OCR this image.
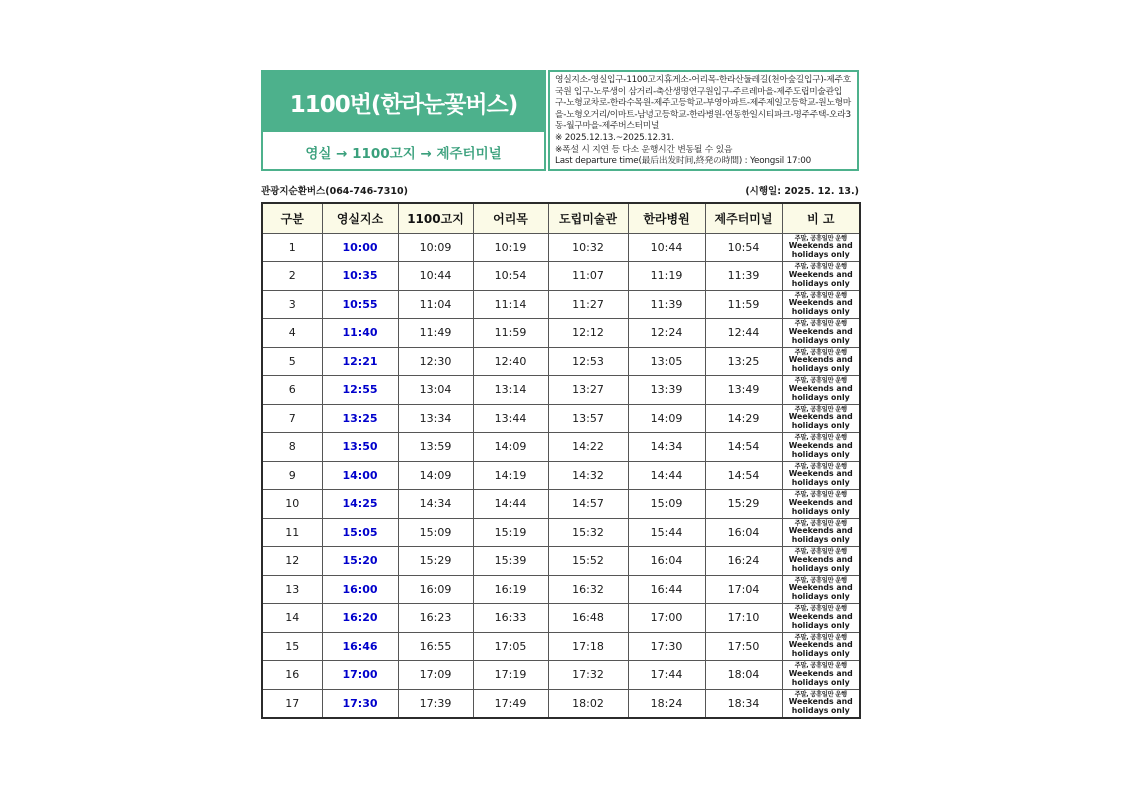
1100번(한라눈꽃버스)
영실 → 1100고지 → 제주터미널
영실지소-영실입구-1100고지휴게소-어리목-한라산둘레길(천아숲길입구)-제주호국원 입구-노루생이 삼거리-축산생명연구원입구-주르레마을-제주도립미술관입구-노형교차로-한라수목원-제주고등학교-부영아파트-제주제일고등학교-원노형마을-노형오거리/이마트-남녕고등학교-한라병원-연동한일시티파크-명주주택-오라3동-월구마을-제주버스터미널
※ 2025.12.13.~2025.12.31.
※폭설 시 지연 등 다소 운행시간 변동될 수 있음
Last departure time(最后出发时间,終発の時間) : Yeongsil 17:00
관광지순환버스(064-746-7310)	(시행일: 2025. 12. 13.)
구분	영실지소	1100고지	어리목	도립미술관	한라병원	제주터미널	비 고
1	10:00	10:09	10:19	10:32	10:44	10:54	주말, 공휴일만 운행
Weekends and holidays only

2	10:35	10:44	10:54	11:07	11:19	11:39	주말, 공휴일만 운행
Weekends and holidays only

3	10:55	11:04	11:14	11:27	11:39	11:59	주말, 공휴일만 운행
Weekends and holidays only

4	11:40	11:49	11:59	12:12	12:24	12:44	주말, 공휴일만 운행
Weekends and holidays only

5	12:21	12:30	12:40	12:53	13:05	13:25	주말, 공휴일만 운행
Weekends and holidays only

6	12:55	13:04	13:14	13:27	13:39	13:49	주말, 공휴일만 운행
Weekends and holidays only

7	13:25	13:34	13:44	13:57	14:09	14:29	주말, 공휴일만 운행
Weekends and holidays only

8	13:50	13:59	14:09	14:22	14:34	14:54	주말, 공휴일만 운행
Weekends and holidays only

9	14:00	14:09	14:19	14:32	14:44	14:54	주말, 공휴일만 운행
Weekends and holidays only

10	14:25	14:34	14:44	14:57	15:09	15:29	주말, 공휴일만 운행
Weekends and holidays only

11	15:05	15:09	15:19	15:32	15:44	16:04	주말, 공휴일만 운행
Weekends and holidays only

12	15:20	15:29	15:39	15:52	16:04	16:24	주말, 공휴일만 운행
Weekends and holidays only

13	16:00	16:09	16:19	16:32	16:44	17:04	주말, 공휴일만 운행
Weekends and holidays only

14	16:20	16:23	16:33	16:48	17:00	17:10	주말, 공휴일만 운행
Weekends and holidays only

15	16:46	16:55	17:05	17:18	17:30	17:50	주말, 공휴일만 운행
Weekends and holidays only

16	17:00	17:09	17:19	17:32	17:44	18:04	주말, 공휴일만 운행
Weekends and holidays only

17	17:30	17:39	17:49	18:02	18:24	18:34	주말, 공휴일만 운행
Weekends and holidays only
